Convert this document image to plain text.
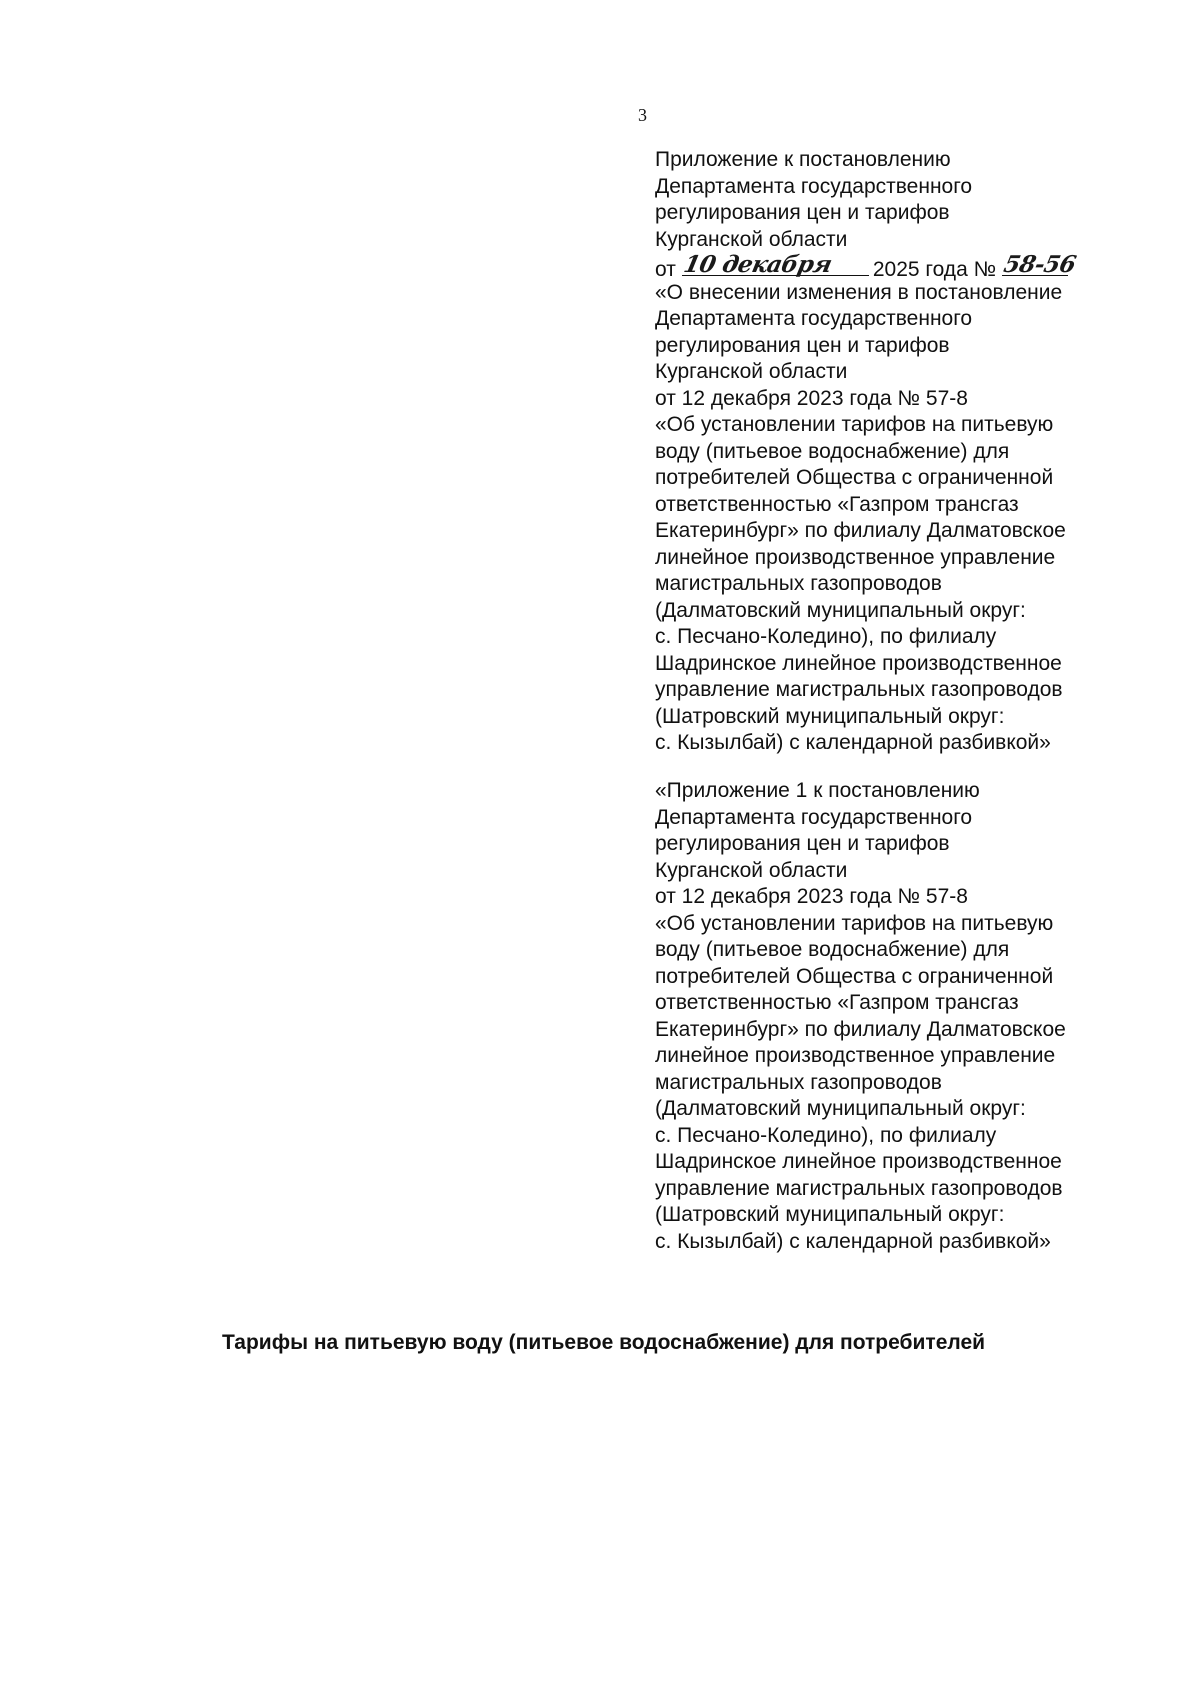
3
Приложение к постановлению
Департамента государственного
регулирования цен и тарифов
Курганской области
от 10 декабря 2025 года № 58-56
«О внесении изменения в постановление
Департамента государственного
регулирования цен и тарифов
Курганской области
от 12 декабря 2023 года № 57-8
«Об установлении тарифов на питьевую
воду (питьевое водоснабжение) для
потребителей Общества с ограниченной
ответственностью «Газпром трансгаз
Екатеринбург» по филиалу Далматовское
линейное производственное управление
магистральных газопроводов
(Далматовский муниципальный округ:
с. Песчано-Коледино), по филиалу
Шадринское линейное производственное
управление магистральных газопроводов
(Шатровский муниципальный округ:
с. Кызылбай) с календарной разбивкой»
«Приложение 1 к постановлению
Департамента государственного
регулирования цен и тарифов
Курганской области
от 12 декабря 2023 года № 57-8
«Об установлении тарифов на питьевую
воду (питьевое водоснабжение) для
потребителей Общества с ограниченной
ответственностью «Газпром трансгаз
Екатеринбург» по филиалу Далматовское
линейное производственное управление
магистральных газопроводов
(Далматовский муниципальный округ:
с. Песчано-Коледино), по филиалу
Шадринское линейное производственное
управление магистральных газопроводов
(Шатровский муниципальный округ:
с. Кызылбай) с календарной разбивкой»
Тарифы на питьевую воду (питьевое водоснабжение) для потребителей
